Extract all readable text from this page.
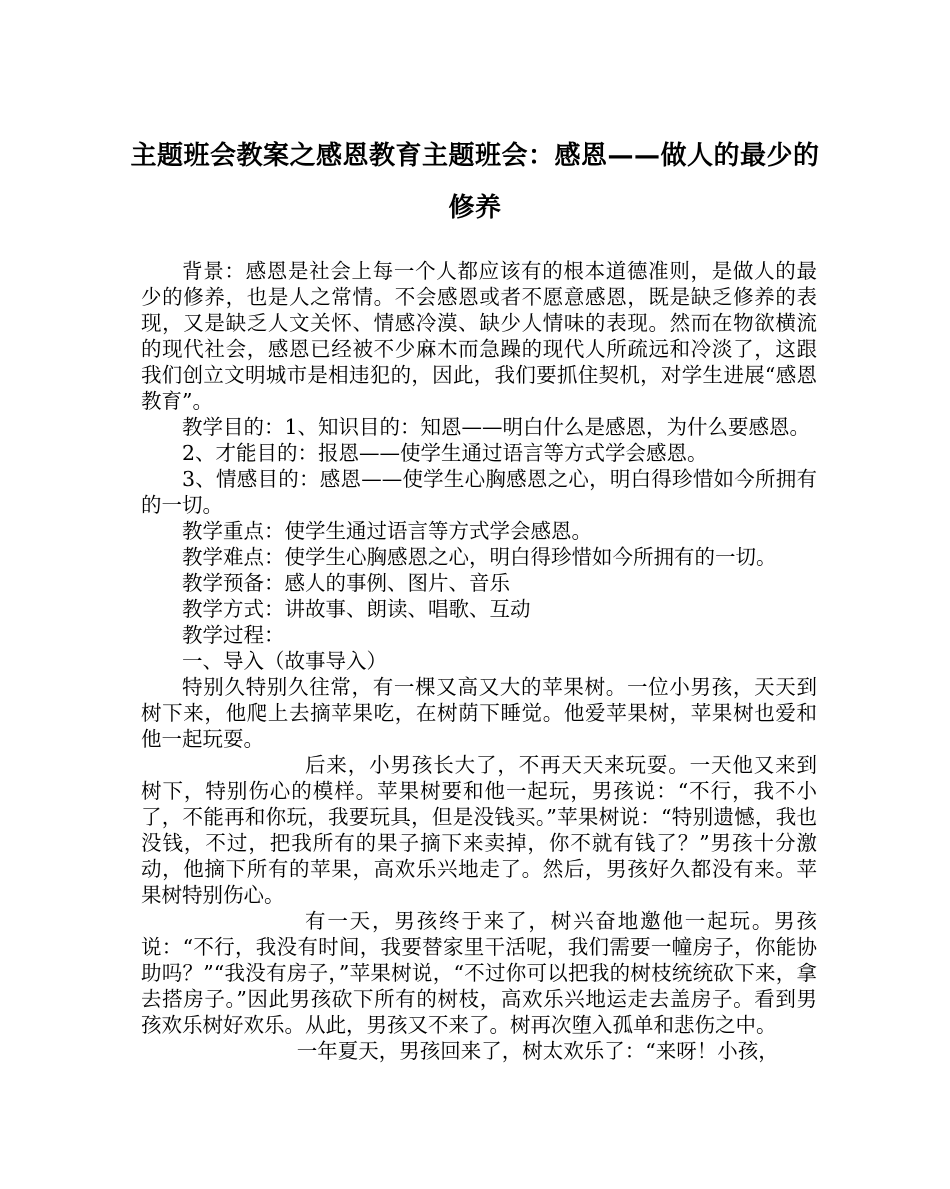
主题班会教案之感恩教育主题班会：感恩——做人的最少的修养

背景：感恩是社会上每一个人都应该有的根本道德准则，是做人的最少的修养，也是人之常情。不会感恩或者不愿意感恩，既是缺乏修养的表现，又是缺乏人文关怀、情感冷漠、缺少人情味的表现。然而在物欲横流的现代社会，感恩已经被不少麻木而急躁的现代人所疏远和冷淡了，这跟我们创立文明城市是相违犯的，因此，我们要抓住契机，对学生进展“感恩教育”。

教学目的：1、知识目的：知恩——明白什么是感恩，为什么要感恩。

2、才能目的：报恩——使学生通过语言等方式学会感恩。

3、情感目的：感恩——使学生心胸感恩之心，明白得珍惜如今所拥有的一切。

教学重点：使学生通过语言等方式学会感恩。

教学难点：使学生心胸感恩之心，明白得珍惜如今所拥有的一切。

教学预备：感人的事例、图片、音乐

教学方式：讲故事、朗读、唱歌、互动

教学过程：

一、导入（故事导入）

特别久特别久往常，有一棵又高又大的苹果树。一位小男孩，天天到树下来，他爬上去摘苹果吃，在树荫下睡觉。他爱苹果树，苹果树也爱和他一起玩耍。

后来，小男孩长大了，不再天天来玩耍。一天他又来到树下，特别伤心的模样。苹果树要和他一起玩，男孩说：“不行，我不小了，不能再和你玩，我要玩具，但是没钱买。”苹果树说：“特别遗憾，我也没钱，不过，把我所有的果子摘下来卖掉，你不就有钱了？”男孩十分激动，他摘下所有的苹果，高欢乐兴地走了。然后，男孩好久都没有来。苹果树特别伤心。

有一天，男孩终于来了，树兴奋地邀他一起玩。男孩说：“不行，我没有时间，我要替家里干活呢，我们需要一幢房子，你能协助吗？”“我没有房子，”苹果树说，“不过你可以把我的树枝统统砍下来，拿去搭房子。”因此男孩砍下所有的树枝，高欢乐兴地运走去盖房子。看到男孩欢乐树好欢乐。从此，男孩又不来了。树再次堕入孤单和悲伤之中。

一年夏天，男孩回来了，树太欢乐了：“来呀！小孩，
